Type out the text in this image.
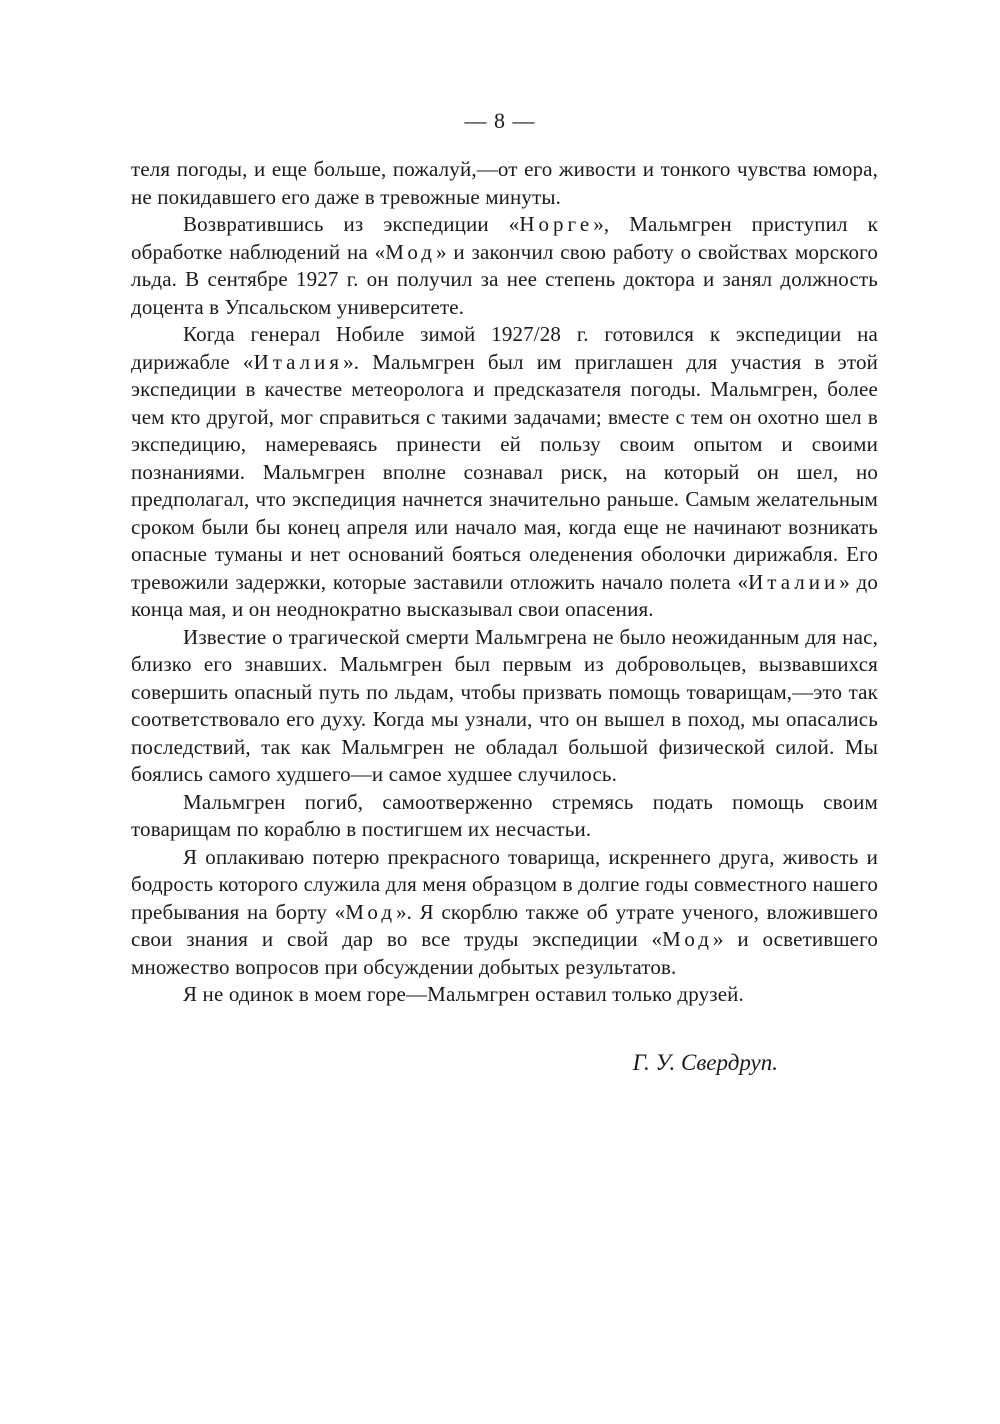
— 8 —

теля погоды, и еще больше, пожалуй,—от его живости и тонкого чувства юмора, не покидавшего его даже в тревожные минуты.

Возвратившись из экспедиции «Норге», Мальмгрен приступил к обработке наблюдений на «Мод» и закончил свою работу о свойствах морского льда. В сентябре 1927 г. он получил за нее степень доктора и занял должность доцента в Упсальском университете.

Когда генерал Нобиле зимой 1927/28 г. готовился к экспедиции на дирижабле «Италия». Мальмгрен был им приглашен для участия в этой экспедиции в качестве метеоролога и предсказателя погоды. Мальмгрен, более чем кто другой, мог справиться с такими задачами; вместе с тем он охотно шел в экспедицию, намереваясь принести ей пользу своим опытом и своими познаниями. Мальмгрен вполне сознавал риск, на который он шел, но предполагал, что экспедиция начнется значительно раньше. Самым желательным сроком были бы конец апреля или начало мая, когда еще не начинают возникать опасные туманы и нет оснований бояться оледенения оболочки дирижабля. Его тревожили задержки, которые заставили отложить начало полета «Италии» до конца мая, и он неоднократно высказывал свои опасения.

Известие о трагической смерти Мальмгрена не было неожиданным для нас, близко его знавших. Мальмгрен был первым из добровольцев, вызвавшихся совершить опасный путь по льдам, чтобы призвать помощь товарищам,—это так соответствовало его духу. Когда мы узнали, что он вышел в поход, мы опасались последствий, так как Мальмгрен не обладал большой физической силой. Мы боялись самого худшего—и самое худшее случилось.

Мальмгрен погиб, самоотверженно стремясь подать помощь своим товарищам по кораблю в постигшем их несчастьи.

Я оплакиваю потерю прекрасного товарища, искреннего друга, живость и бодрость которого служила для меня образцом в долгие годы совместного нашего пребывания на борту «Мод». Я скорблю также об утрате ученого, вложившего свои знания и свой дар во все труды экспедиции «Мод» и осветившего множество вопросов при обсуждении добытых результатов.

Я не одинок в моем горе—Мальмгрен оставил только друзей.

Г. У. Свердруп.
